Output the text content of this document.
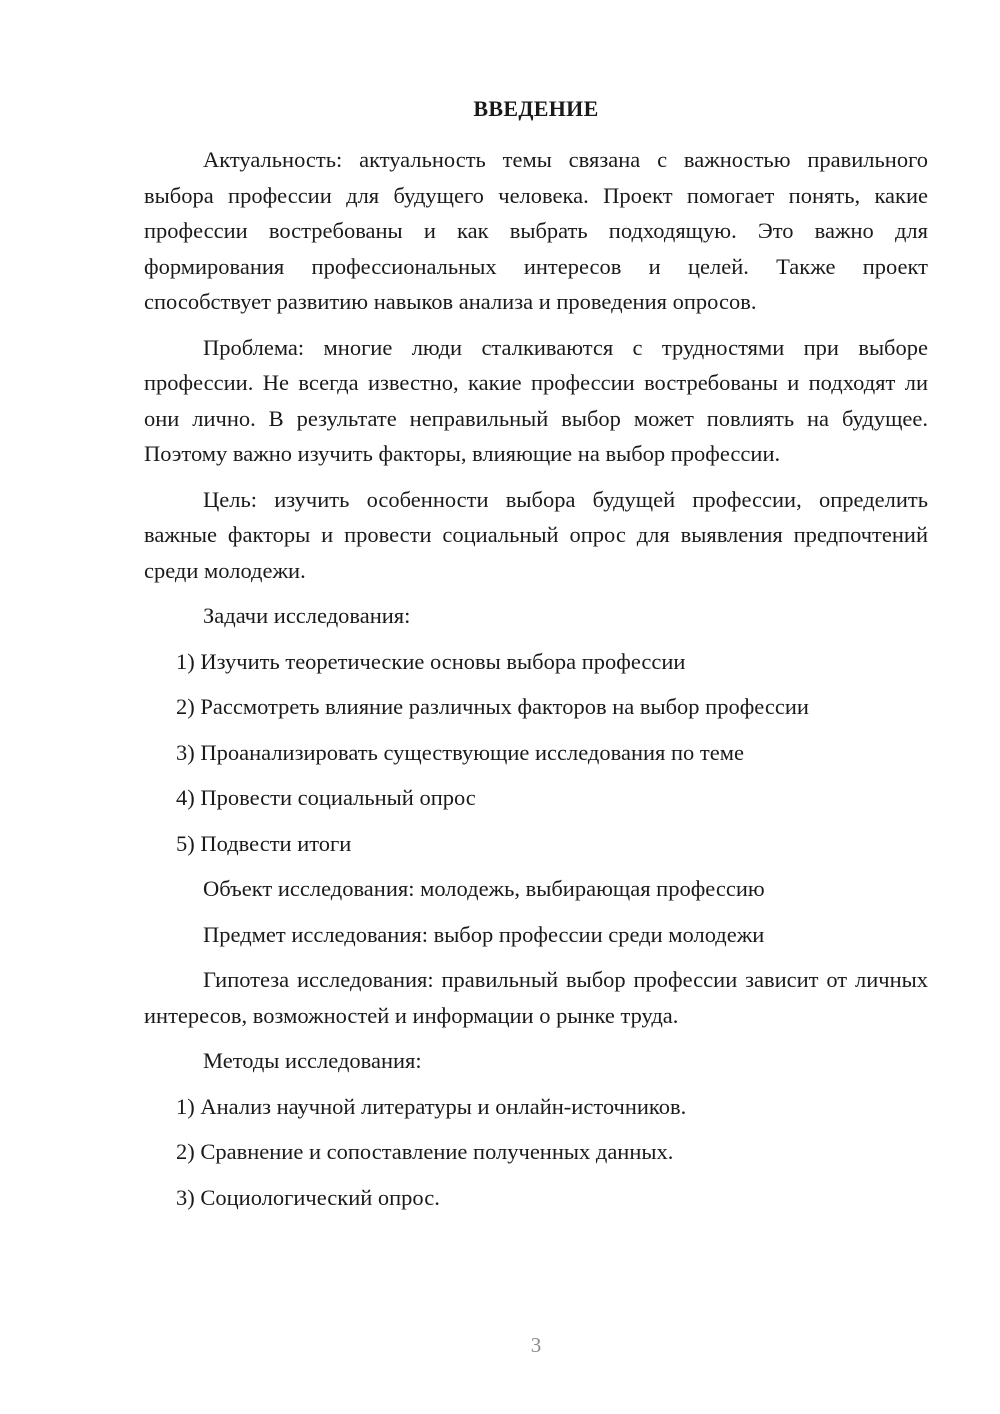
ВВЕДЕНИЕ

Актуальность: актуальность темы связана с важностью правильного выбора профессии для будущего человека. Проект помогает понять, какие профессии востребованы и как выбрать подходящую. Это важно для формирования профессиональных интересов и целей. Также проект способствует развитию навыков анализа и проведения опросов.

Проблема: многие люди сталкиваются с трудностями при выборе профессии. Не всегда известно, какие профессии востребованы и подходят ли они лично. В результате неправильный выбор может повлиять на будущее. Поэтому важно изучить факторы, влияющие на выбор профессии.

Цель: изучить особенности выбора будущей профессии, определить важные факторы и провести социальный опрос для выявления предпочтений среди молодежи.

Задачи исследования:

1) Изучить теоретические основы выбора профессии

2) Рассмотреть влияние различных факторов на выбор профессии

3) Проанализировать существующие исследования по теме

4) Провести социальный опрос

5) Подвести итоги

Объект исследования: молодежь, выбирающая профессию

Предмет исследования: выбор профессии среди молодежи

Гипотеза исследования: правильный выбор профессии зависит от личных интересов, возможностей и информации о рынке труда.

Методы исследования:

1) Анализ научной литературы и онлайн-источников.

2) Сравнение и сопоставление полученных данных.

3) Социологический опрос.

3
